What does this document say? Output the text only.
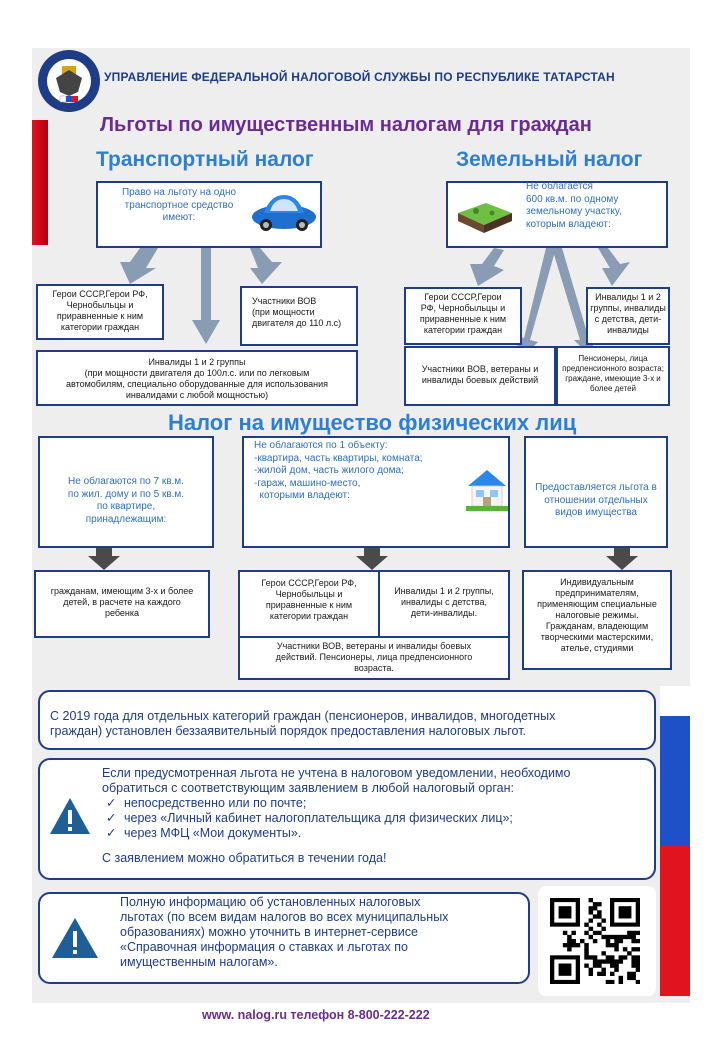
УПРАВЛЕНИЕ ФЕДЕРАЛЬНОЙ НАЛОГОВОЙ СЛУЖБЫ ПО РЕСПУБЛИКЕ ТАТАРСТАН
Льготы по имущественным налогам для граждан
Транспортный налог	Земельный налог
Право на льготу на одно
транспортное средство
имеют:
Герои СССР,Герои РФ,
Чернобыльцы и
приравненные к ним
категории граждан
Участники ВОВ
(при мощности
двигателя до 110 л.с)
Инвалиды 1 и 2 группы
(при мощности двигателя до 100л.с. или по легковым
автомобилям, специально оборудованные для использования
инвалидами с любой мощностью)
Не облагается
600 кв.м. по одному
земельному участку,
которым владеют:
Герои СССР,Герои
РФ, Чернобыльцы и
приравненные к ним
категории граждан
Инвалиды 1 и 2
группы, инвалиды
с детства, дети-
инвалиды
Участники ВОВ, ветераны и
инвалиды боевых действий
Пенсионеры, лица
предпенсионного возраста;
граждане, имеющие 3-х и
более детей
Налог на имущество физических лиц
Не облагаются по 7 кв.м.
по жил. дому и по 5 кв.м.
по квартире,
принадлежащим:
Не облагаются по 1 объекту:
-квартира, часть квартиры, комната;
-жилой дом, часть жилого дома;
-гараж, машино-место,
которыми владеют:
Предоставляется льгота в
отношении отдельных
видов имущества
гражданам, имеющим 3-х и более
детей, в расчете на каждого
ребенка
Герои СССР,Герои РФ,
Чернобыльцы и
приравненные к ним
категории граждан
Инвалиды 1 и 2 группы,
инвалиды с детства,
дети-инвалиды.
Участники ВОВ, ветераны и инвалиды боевых
действий. Пенсионеры, лица предпенсионного
возраста.
Индивидуальным
предпринимателям,
применяющим специальные
налоговые режимы.
Гражданам, владеющим
творческими мастерскими,
ателье, студиями
С 2019 года для отдельных категорий граждан (пенсионеров, инвалидов, многодетных
граждан) установлен беззаявительный порядок предоставления налоговых льгот.
Если предусмотренная льгота не учтена в налоговом уведомлении, необходимо
обратиться с соответствующим заявлением в любой налоговый орган:
✓ непосредственно или по почте;
✓ через «Личный кабинет налогоплательщика для физических лиц»;
✓ через МФЦ «Мои документы».
С заявлением можно обратиться в течении года!
Полную информацию об установленных налоговых
льготах (по всем видам налогов во всех муниципальных
образованиях) можно уточнить в интернет-сервисе
«Справочная информация о ставках и льготах по
имущественным налогам».
www. nalog.ru телефон 8-800-222-222
